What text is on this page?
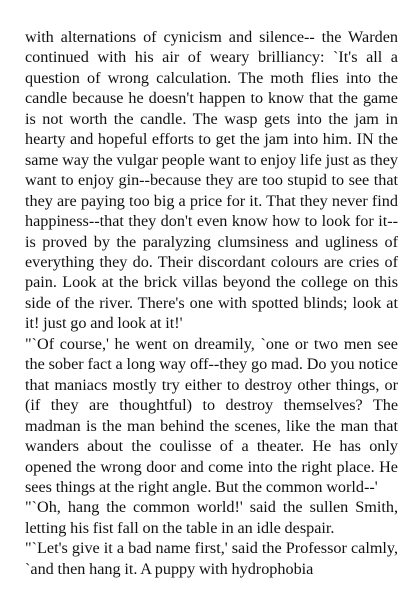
with alternations of cynicism and silence-- the Warden continued with his air of weary brilliancy: `It's all a question of wrong calculation. The moth flies into the candle because he doesn't happen to know that the game is not worth the candle. The wasp gets into the jam in hearty and hopeful efforts to get the jam into him. IN the same way the vulgar people want to enjoy life just as they want to enjoy gin--because they are too stupid to see that they are paying too big a price for it. That they never find happiness--that they don't even know how to look for it--is proved by the paralyzing clumsiness and ugliness of everything they do. Their discordant colours are cries of pain. Look at the brick villas beyond the college on this side of the river. There's one with spotted blinds; look at it! just go and look at it!'

"`Of course,' he went on dreamily, `one or two men see the sober fact a long way off--they go mad. Do you notice that maniacs mostly try either to destroy other things, or (if they are thoughtful) to destroy themselves? The madman is the man behind the scenes, like the man that wanders about the coulisse of a theater. He has only opened the wrong door and come into the right place. He sees things at the right angle. But the common world--'

"`Oh, hang the common world!' said the sullen Smith, letting his fist fall on the table in an idle despair.

"`Let's give it a bad name first,' said the Professor calmly, `and then hang it. A puppy with hydrophobia
